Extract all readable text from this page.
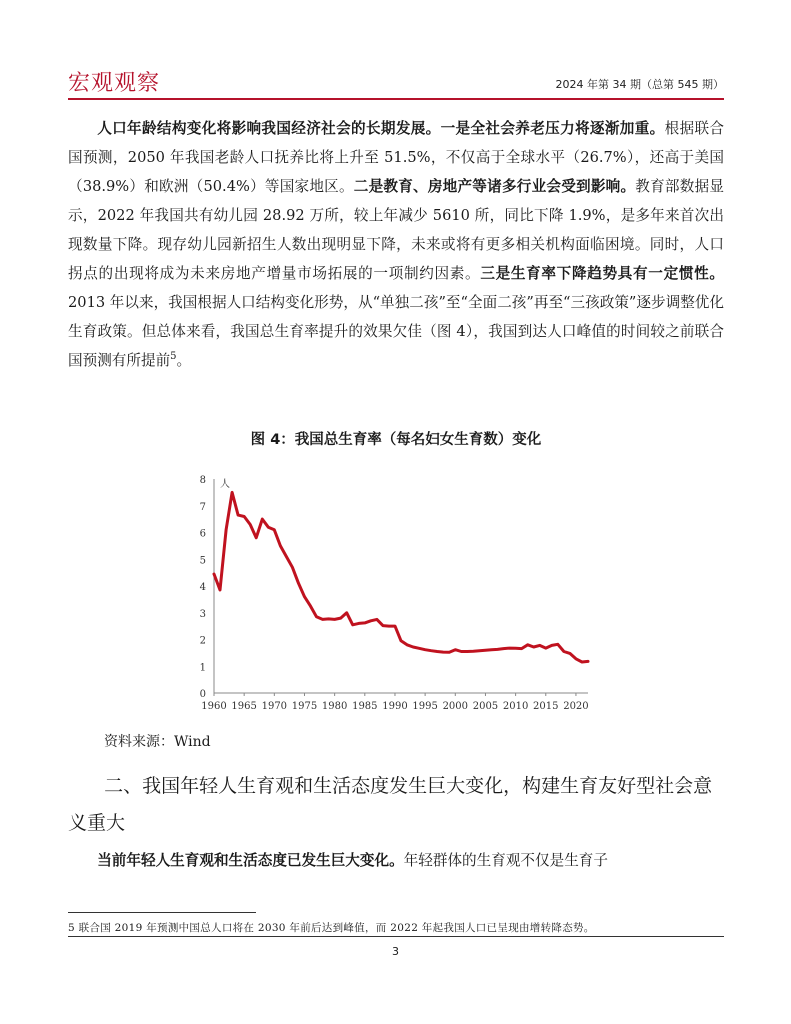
宏观观察	2024 年第 34 期（总第 545 期）
人口年龄结构变化将影响我国经济社会的长期发展。一是全社会养老压力将逐渐加重。根据联合国预测，2050 年我国老龄人口抚养比将上升至 51.5%，不仅高于全球水平（26.7%），还高于美国（38.9%）和欧洲（50.4%）等国家地区。二是教育、房地产等诸多行业会受到影响。教育部数据显示，2022 年我国共有幼儿园 28.92 万所，较上年减少 5610 所，同比下降 1.9%，是多年来首次出现数量下降。现存幼儿园新招生人数出现明显下降，未来或将有更多相关机构面临困境。同时，人口拐点的出现将成为未来房地产增量市场拓展的一项制约因素。三是生育率下降趋势具有一定惯性。2013 年以来，我国根据人口结构变化形势，从“单独二孩”至“全面二孩”再至“三孩政策”逐步调整优化生育政策。但总体来看，我国总生育率提升的效果欠佳（图 4），我国到达人口峰值的时间较之前联合国预测有所提前$^5$。
图 4：我国总生育率（每名妇女生育数）变化
0
1
2
3
4
5
6
7
8
1960 1965 1970 1975 1980 1985 1990 1995 2000 2005 2010 2015 2020
人
资料来源：Wind
二、我国年轻人生育观和生活态度发生巨大变化，构建生育友好型社会意义重大
当前年轻人生育观和生活态度已发生巨大变化。年轻群体的生育观不仅是生育子
5 联合国 2019 年预测中国总人口将在 2030 年前后达到峰值，而 2022 年起我国人口已呈现由增转降态势。
3
